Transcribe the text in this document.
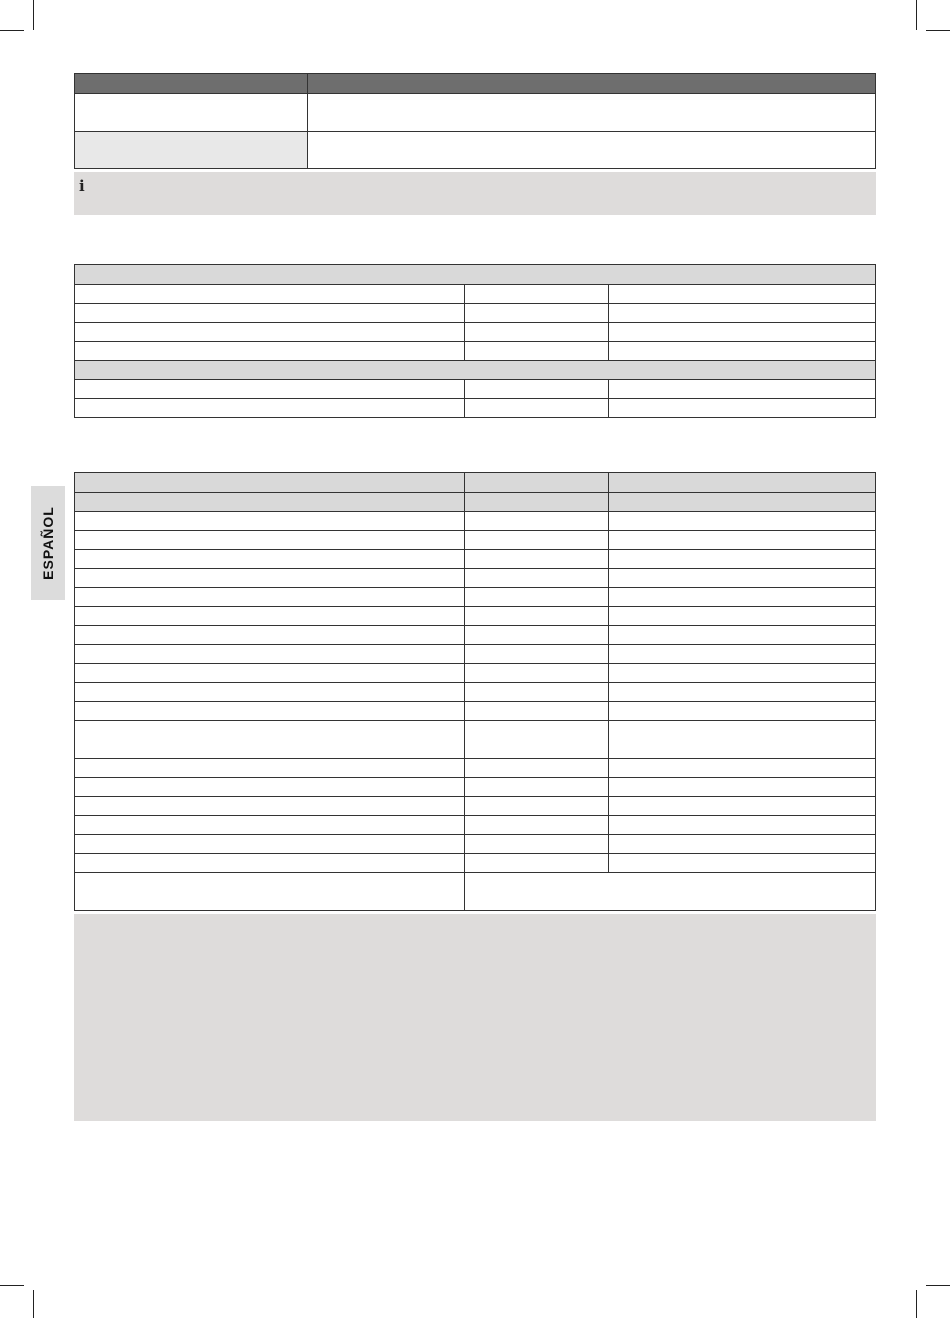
i
ESPAÑOL
